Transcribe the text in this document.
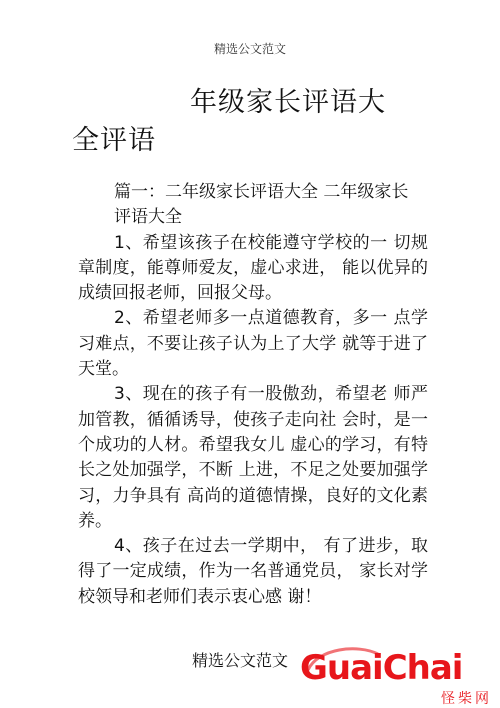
精选公文范文
年级家长评语大
全评语
篇一：二年级家长评语大全 二年级家长
评语大全

1、希望该孩子在校能遵守学校的一 切规章制度，能尊师爱友，虚心求进， 能以优异的成绩回报老师，回报父母。

2、希望老师多一点道德教育，多一 点学习难点，不要让孩子认为上了大学 就等于进了天堂。

3、现在的孩子有一股傲劲，希望老 师严加管教，循循诱导，使孩子走向社 会时，是一个成功的人材。希望我女儿 虚心的学习，有特长之处加强学，不断 上进，不足之处要加强学习，力争具有 高尚的道德情操，良好的文化素养。

4、孩子在过去一学期中， 有了进步，取得了一定成绩，作为一名普通党员， 家长对学校领导和老师们表示衷心感 谢！

精选公文范文 GuaiChai
怪柴网
